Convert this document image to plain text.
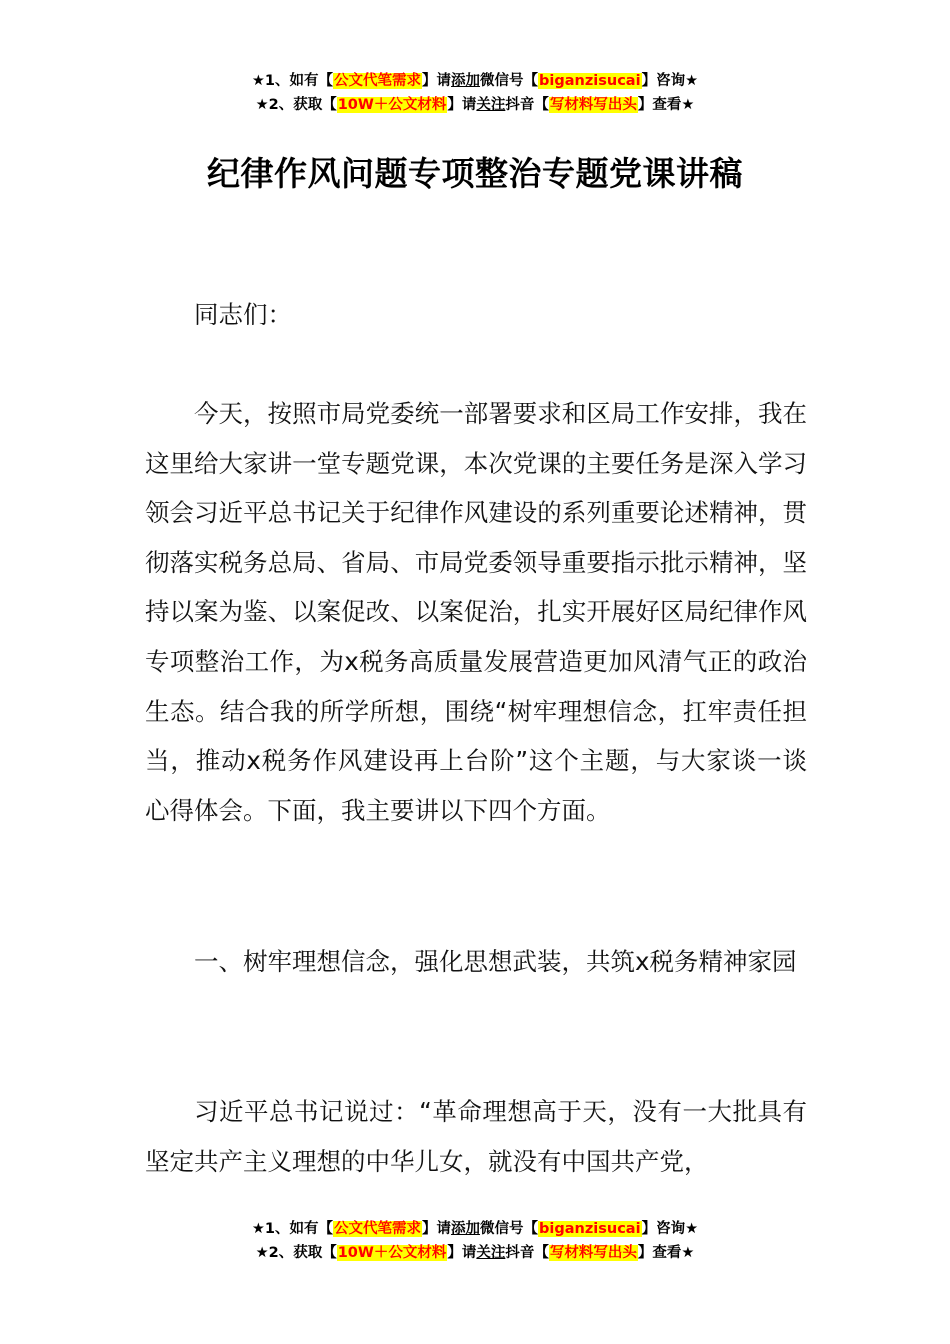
★1、如有【公文代笔需求】请添加微信号【biganzisucai】咨询★
★2、获取【10W＋公文材料】请关注抖音【写材料写出头】查看★
纪律作风问题专项整治专题党课讲稿

同志们：

今天，按照市局党委统一部署要求和区局工作安排，我在这里给大家讲一堂专题党课，本次党课的主要任务是深入学习领会习近平总书记关于纪律作风建设的系列重要论述精神，贯彻落实税务总局、省局、市局党委领导重要指示批示精神，坚持以案为鉴、以案促改、以案促治，扎实开展好区局纪律作风专项整治工作，为x税务高质量发展营造更加风清气正的政治生态。结合我的所学所想，围绕“树牢理想信念，扛牢责任担当，推动x税务作风建设再上台阶”这个主题，与大家谈一谈心得体会。下面，我主要讲以下四个方面。

一、树牢理想信念，强化思想武装，共筑x税务精神家园

习近平总书记说过：“革命理想高于天，没有一大批具有坚定共产主义理想的中华儿女，就没有中国共产党，

★1、如有【公文代笔需求】请添加微信号【biganzisucai】咨询★
★2、获取【10W＋公文材料】请关注抖音【写材料写出头】查看★
